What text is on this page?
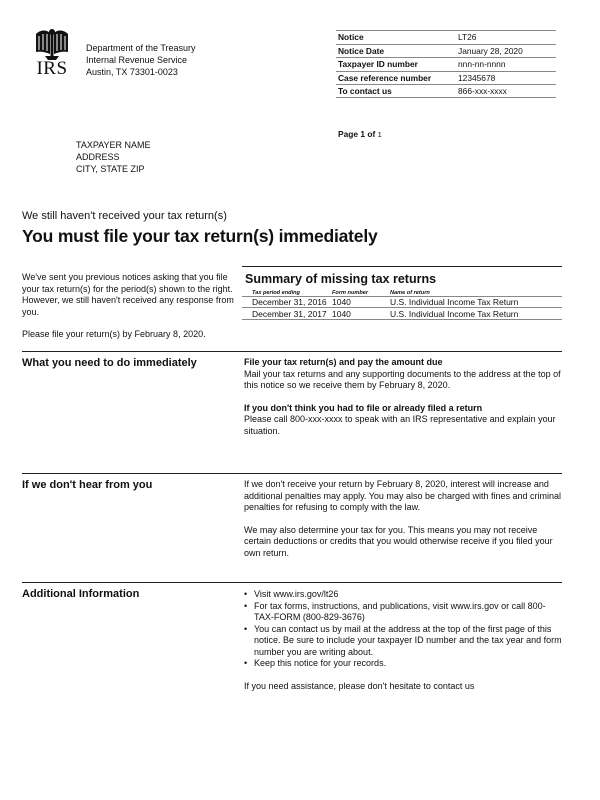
IRS
Department of the Treasury
Internal Revenue Service
Austin, TX 73301-0023
Notice	LT26
Notice Date	January 28, 2020
Taxpayer ID number	nnn-nn-nnnn
Case reference number	12345678
To contact us	866-xxx-xxxx
Page 1 of 1
TAXPAYER NAME
ADDRESS
CITY, STATE ZIP
We still haven't received your tax return(s)
You must file your tax return(s) immediately
We've sent you previous notices asking that you file your tax return(s) for the period(s) shown to the right. However, we still haven't received any response from you.
Please file your return(s) by February 8, 2020.
Summary of missing tax returns
Tax period ending	Form number	Name of return
December 31, 2016 1040	U.S. Individual Income Tax Return
December 31, 2017 1040	U.S. Individual Income Tax Return
What you need to do immediately	File your tax return(s) and pay the amount due
Mail your tax returns and any supporting documents to the address at the top of this notice so we receive them by February 8, 2020.
If you don't think you had to file or already filed a return
Please call 800-xxx-xxxx to speak with an IRS representative and explain your situation.
If we don't hear from you	If we don't receive your return by February 8, 2020, interest will increase and additional penalties may apply. You may also be charged with fines and criminal penalties for refusing to comply with the law.
We may also determine your tax for you. This means you may not receive certain deductions or credits that you would otherwise receive if you filed your own return.
Additional Information	• Visit www.irs.gov/lt26
• For tax forms, instructions, and publications, visit www.irs.gov or call 800-TAX-FORM (800-829-3676)
• You can contact us by mail at the address at the top of the first page of this notice. Be sure to include your taxpayer ID number and the tax year and form number you are writing about.
• Keep this notice for your records.
If you need assistance, please don't hesitate to contact us
